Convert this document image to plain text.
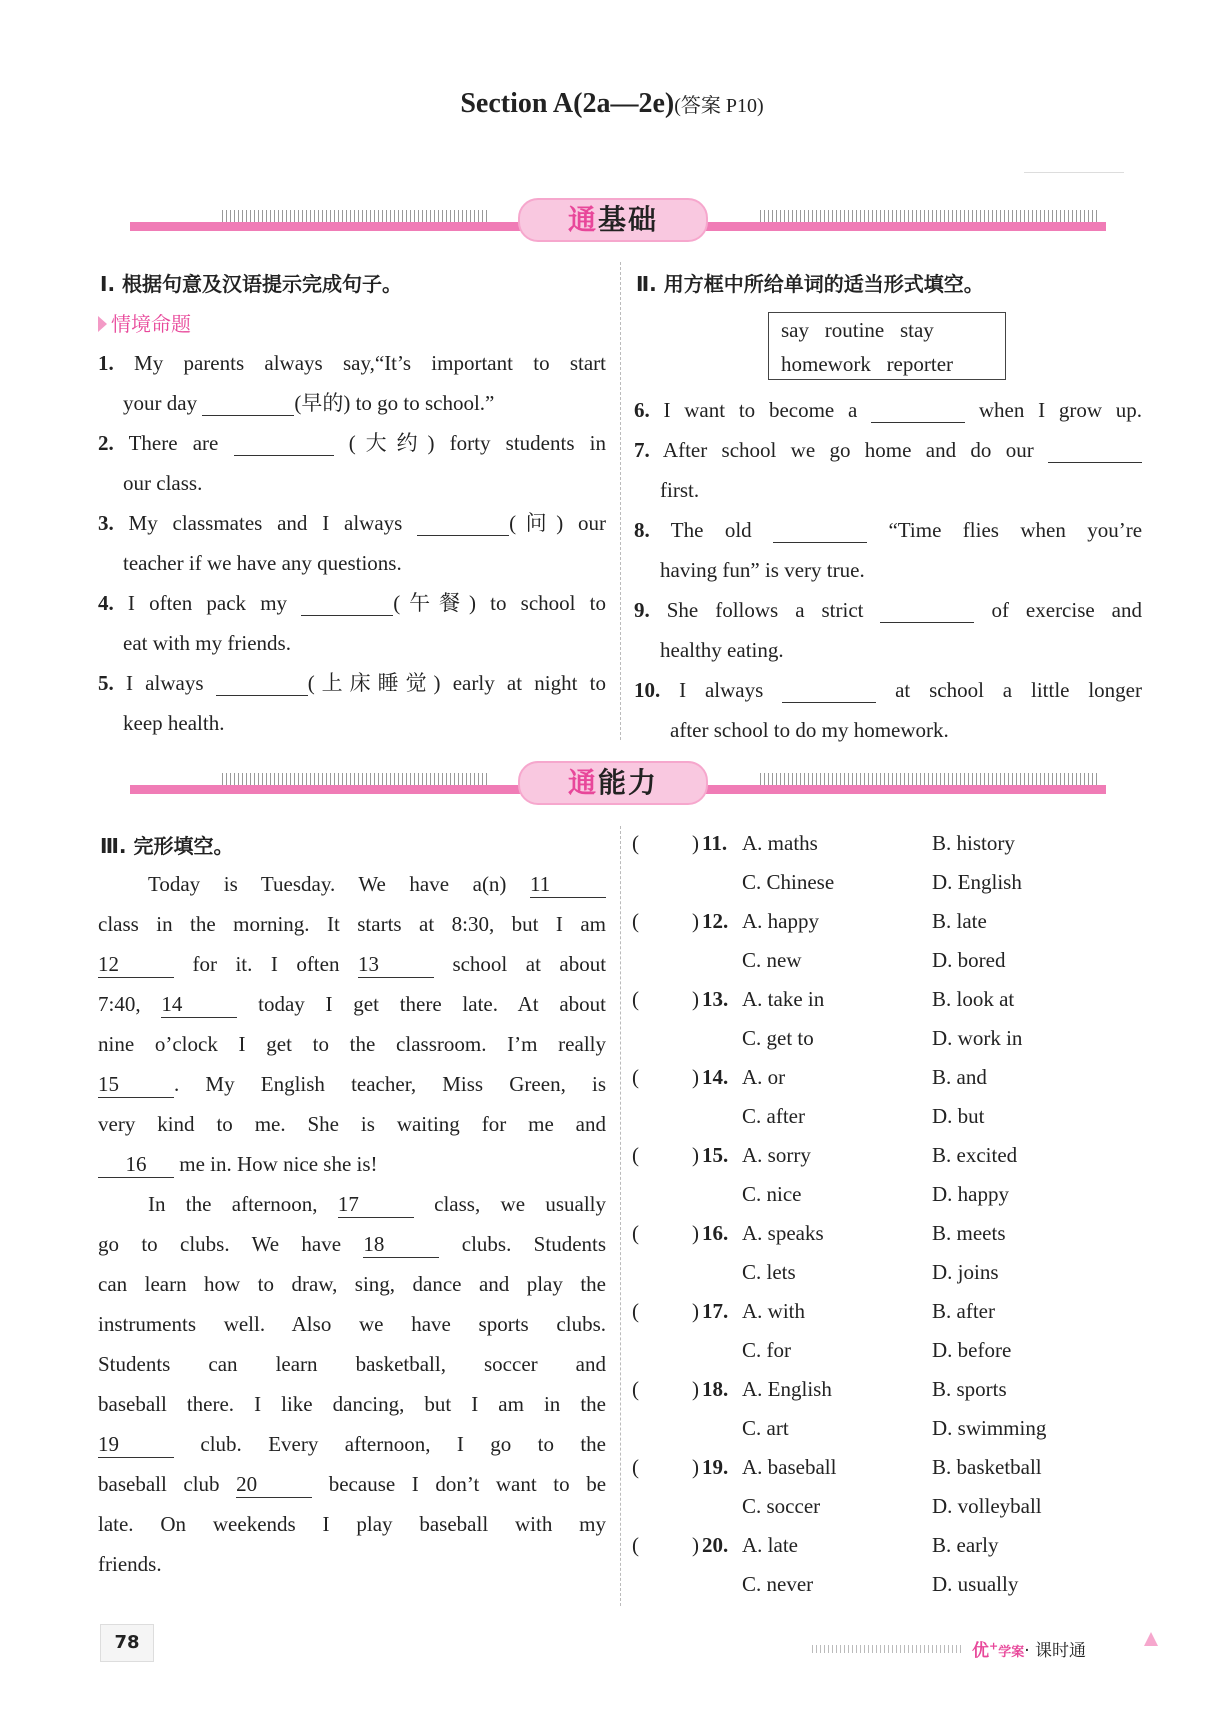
Section A(2a—2e)(答案 P10)
通基础
Ⅰ. 根据句意及汉语提示完成句子。
情境命题
1. My parents always say,“It’s important to start
your day	(早的) to go to school.”
2. There are	(大约) forty students in
our class.
3. My classmates and I always	(问) our
teacher if we have any questions.
4. I often pack my	(午餐) to school to
eat with my friends.
5. I always	(上床睡觉) early at night to
keep health.
Ⅱ. 用方框中所给单词的适当形式填空。
say   routine   stay
homework   reporter
6. I want to become a	when I grow up.
7. After school we go home and do our
first.
8. The old	“Time flies when you’re
having fun” is very true.
9. She follows a strict	of exercise and
healthy eating.
10. I always	at school a little longer
after school to do my homework.
通能力
Ⅲ. 完形填空。
Today is Tuesday. We have a(n) 11
class in the morning. It starts at 8:30, but I am
12	for it. I often 13	school at about
7:40, 14	today I get there late. At about
nine o’clock I get to the classroom. I’m really
15	. My English teacher, Miss Green, is
very kind to me. She is waiting for me and
16 me in. How nice she is!
In the afternoon, 17	class, we usually
go to clubs. We have 18	clubs. Students
can learn how to draw, sing, dance and play the
instruments well. Also we have sports clubs.
Students can learn basketball, soccer and
baseball there. I like dancing, but I am in the
19	club. Every afternoon, I go to the
baseball club 20	because I don’t want to be
late. On weekends I play baseball with my
friends.
(	) 11. A. maths	B. history
C. Chinese	D. English
(	) 12. A. happy	B. late
C. new	D. bored
(	) 13. A. take in	B. look at
C. get to	D. work in
(	) 14. A. or	B. and
C. after	D. but
(	) 15. A. sorry	B. excited
C. nice	D. happy
(	) 16. A. speaks	B. meets
C. lets	D. joins
(	) 17. A. with	B. after
C. for	D. before
(	) 18. A. English	B. sports
C. art	D. swimming
(	) 19. A. baseball	B. basketball
C. soccer	D. volleyball
(	) 20. A. late	B. early
C. never	D. usually
78	优+学案· 课时通
